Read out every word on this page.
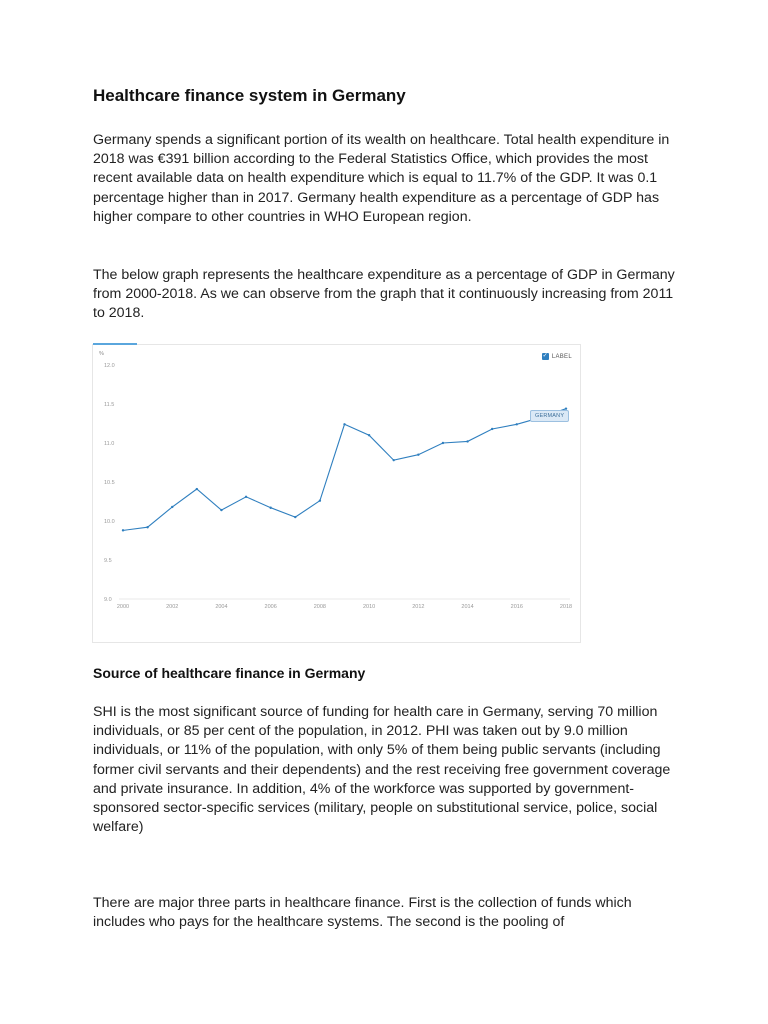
Healthcare finance system in Germany

Germany spends a significant portion of its wealth on healthcare. Total health expenditure in 2018 was €391 billion according to the Federal Statistics Office, which provides the most recent available data on health expenditure which is equal to 11.7% of the GDP. It was 0.1 percentage higher than in 2017. Germany health expenditure as a percentage of GDP has higher compare to other countries in WHO European region.

The below graph represents the healthcare expenditure as a percentage of GDP in Germany from 2000-2018. As we can observe from the graph that it continuously increasing from 2011 to 2018.

Source of healthcare finance in Germany

SHI is the most significant source of funding for health care in Germany, serving 70 million individuals, or 85 per cent of the population, in 2012. PHI was taken out by 9.0 million individuals, or 11% of the population, with only 5% of them being public servants (including former civil servants and their dependents) and the rest receiving free government coverage and private insurance. In addition, 4% of the workforce was supported by government-sponsored sector-specific services (military, people on substitutional service, police, social welfare)

There are major three parts in healthcare finance. First is the collection of funds which includes who pays for the healthcare systems. The second is the pooling of

%
12.0
11.5
11.0
10.5
10.0
9.5
9.0
2000	2002	2004	2006	2008	2010	2012	2014	2016	2018
✓ LABEL
GERMANY
